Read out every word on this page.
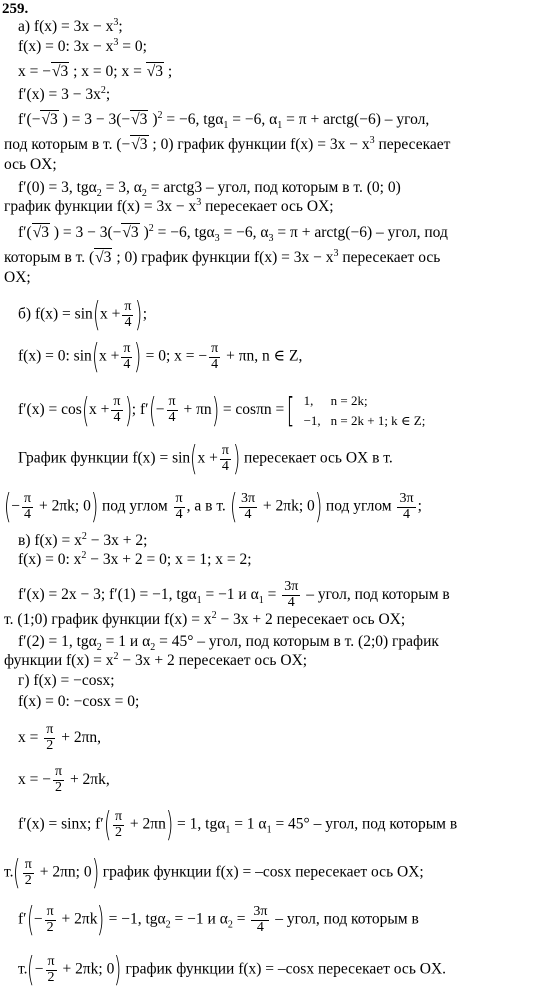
259.
а) $f(x) = 3x - x^3$;
f(x) = 0: $3x - x^3 = 0$;
x = −√3 ; x = 0; x = √3 ;
$f'(x) = 3 - 3x^2$;
f′(−√3 ) = 3 − 3(−√3 )$^2$ = −6, tgα$_1$ = −6, $\alpha_1 = \pi$ + arctg(−6) – угол,
под которым в т. (−√3 ; 0) график функции $f(x) = 3x - x^3$ пересекает
ось OX;
f′(0) = 3, tgα$_2$ = 3, $\alpha_2$ = arctg3 – угол, под которым в т. (0; 0)
график функции $f(x) = 3x - x^3$ пересекает ось OX;
f′(√3 ) = 3 − 3(−√3 )$^2$ = −6, tgα$_3$ = −6, $\alpha_3 = \pi$ + arctg(−6) – угол, под
которым в т. (√3 ; 0) график функции $f(x) = 3x - x^3$ пересекает ось
OX;
б) $f(x) = \sin(x + \frac{\pi}{4}$ );
f(x) = 0: $\sin(x + \frac{\pi}{4}$ ) = 0; x = − $\frac{\pi}{4} + \pi n$, n ∈ Z,
$f'(x) = \cos(x + \frac{\pi}{4}$ ); $f'(- \frac{\pi}{4} + \pi n) = \cos\pi n$ =[ 1,	n = 2k;
−1,	n = 2k + 1; k ∈ Z;
График функции $f(x) = \sin(x + \frac{\pi}{4}$ ) пересекает ось OX в т.
(− $\frac{\pi}{4} + 2\pi k$; 0) под углом $\frac{\pi}{4}$ , а в т. ( $\frac{3\pi}{4} + 2\pi k$; 0) под углом $\frac{3\pi}{4}$ ;
в) $f(x) = x^2 - 3x + 2$;
f(x) = 0: $x^2 - 3x + 2 = 0$; x = 1; x = 2;
f′(x) = 2x − 3; f′(1) = −1, tgα$_1$ = −1 и $\alpha_1 = \frac{3\pi}{4}$ – угол, под которым в
т. (1;0) график функции $f(x) = x^2 - 3x + 2$ пересекает ось OX;
f′(2) = 1, tgα$_2$ = 1 и $\alpha_2 = 45^\circ$ – угол, под которым в т. (2;0) график
функции $f(x) = x^2 - 3x + 2$ пересекает ось OX;
г) f(x) = −cosx;
f(x) = 0: −cosx = 0;
$x = \frac{\pi}{2} + 2\pi n$,
x = − $\frac{\pi}{2} + 2\pi k$,
f′(x) = sinx; $f'( \frac{\pi}{2} + 2\pi n) = 1$, tgα$_1$ = 1 $\alpha_1 = 45^\circ$ – угол, под которым в
$т.( \frac{\pi}{2} + 2\pi n$; 0) график функции f(x) = –cosx пересекает ось OX;
$f'(- \frac{\pi}{2} + 2\pi k) = -1$, tgα$_2$ = −1 и $\alpha_2 = \frac{3\pi}{4}$ – угол, под которым в
$т.(- \frac{\pi}{2} + 2\pi k$; 0) график функции f(x) = –cosx пересекает ось OX.
